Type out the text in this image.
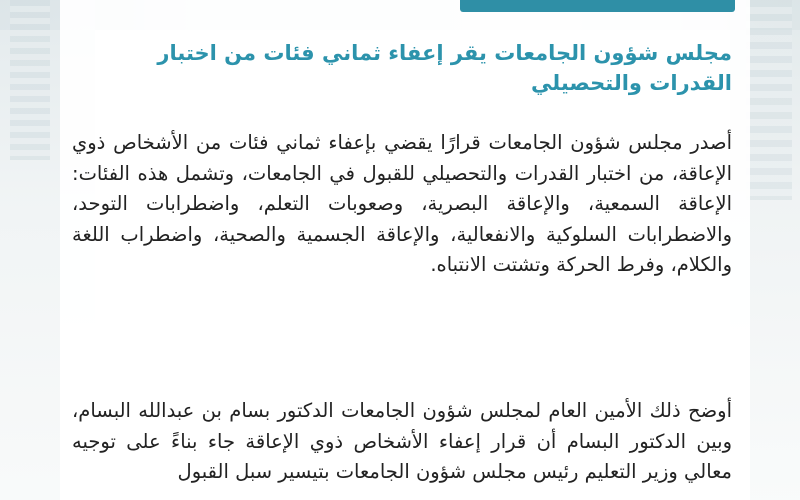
مجلس شؤون الجامعات يقر إعفاء ثماني فئات من اختبار القدرات والتحصيلي
أصدر مجلس شؤون الجامعات قرارًا يقضي بإعفاء ثماني فئات من الأشخاص ذوي الإعاقة، من اختبار القدرات والتحصيلي للقبول في الجامعات، وتشمل هذه الفئات: الإعاقة السمعية، والإعاقة البصرية، وصعوبات التعلم، واضطرابات التوحد، والاضطرابات السلوكية والانفعالية، والإعاقة الجسمية والصحية، واضطراب اللغة والكلام، وفرط الحركة وتشتت الانتباه.
أوضح ذلك الأمين العام لمجلس شؤون الجامعات الدكتور بسام بن عبدالله البسام، وبين الدكتور البسام أن قرار إعفاء الأشخاص ذوي الإعاقة جاء بناءً على توجيه معالي وزير التعليم رئيس مجلس شؤون الجامعات بتيسير سبل القبول
